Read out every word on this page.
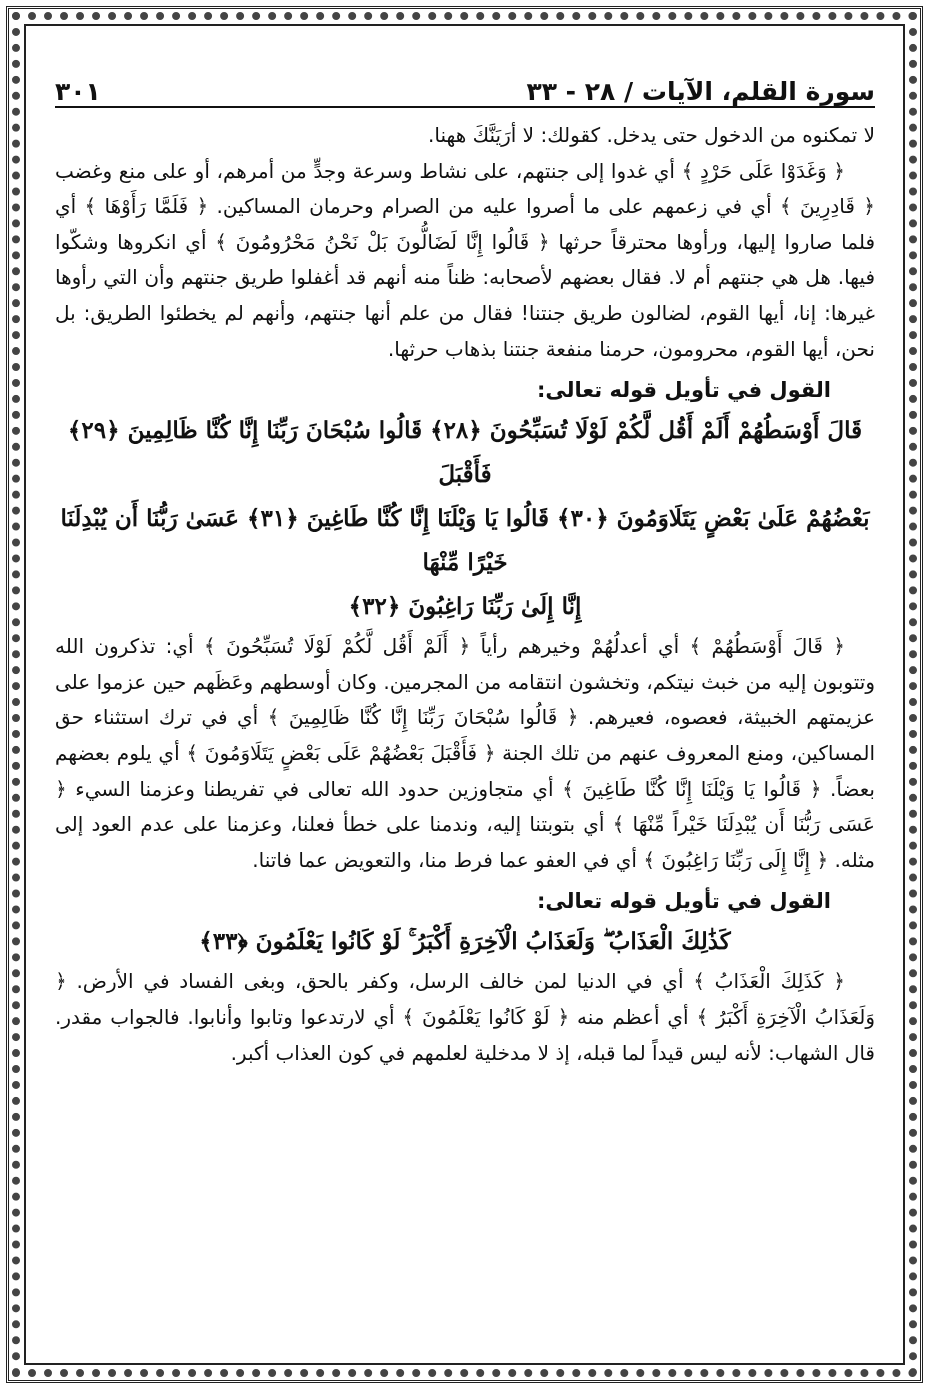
سورة القلم، الآيات / ٢٨ - ٣٣
٣٠١

لا تمكنوه من الدخول حتى يدخل. كقولك: لا أرَيَنَّكَ ههنا.

﴿ وَغَدَوْا عَلَى حَرْدٍ ﴾ أي غدوا إلى جنتهم، على نشاط وسرعة وجدٍّ من أمرهم، أو على منع وغضب ﴿ قَادِرِينَ ﴾ أي في زعمهم على ما أصروا عليه من الصرام وحرمان المساكين. ﴿ فَلَمَّا رَأَوْهَا ﴾ أي فلما صاروا إليها، ورأوها محترقاً حرثها ﴿ قَالُوا إِنَّا لَضَالُّونَ بَلْ نَحْنُ مَحْرُومُونَ ﴾ أي انكروها وشكّوا فيها. هل هي جنتهم أم لا. فقال بعضهم لأصحابه: ظناً منه أنهم قد أغفلوا طريق جنتهم وأن التي رأوها غيرها: إنا، أيها القوم، لضالون طريق جنتنا! فقال من علم أنها جنتهم، وأنهم لم يخطئوا الطريق: بل نحن، أيها القوم، محرومون، حرمنا منفعة جنتنا بذهاب حرثها.

القول في تأويل قوله تعالى:

قَالَ أَوْسَطُهُمْ أَلَمْ أَقُل لَّكُمْ لَوْلَا تُسَبِّحُونَ ﴿٢٨﴾ قَالُوا سُبْحَانَ رَبِّنَا إِنَّا كُنَّا ظَالِمِينَ ﴿٢٩﴾ فَأَقْبَلَ

بَعْضُهُمْ عَلَىٰ بَعْضٍ يَتَلَاوَمُونَ ﴿٣٠﴾ قَالُوا يَا وَيْلَنَا إِنَّا كُنَّا طَاغِينَ ﴿٣١﴾ عَسَىٰ رَبُّنَا أَن يُبْدِلَنَا خَيْرًا مِّنْهَا

إِنَّا إِلَىٰ رَبِّنَا رَاغِبُونَ ﴿٣٢﴾

﴿ قَالَ أَوْسَطُهُمْ ﴾ أي أعدلُهُمْ وخيرهم رأياً ﴿ أَلَمْ أَقُل لَّكُمْ لَوْلَا تُسَبِّحُونَ ﴾ أي: تذكرون الله وتتوبون إليه من خبث نيتكم، وتخشون انتقامه من المجرمين. وكان أوسطهم وعَظَهم حين عزموا على عزيمتهم الخبيثة، فعصوه، فعيرهم. ﴿ قَالُوا سُبْحَانَ رَبِّنَا إِنَّا كُنَّا ظَالِمِينَ ﴾ أي في ترك استثناء حق المساكين، ومنع المعروف عنهم من تلك الجنة ﴿ فَأَقْبَلَ بَعْضُهُمْ عَلَى بَعْضٍ يَتَلَاوَمُونَ ﴾ أي يلوم بعضهم بعضاً. ﴿ قَالُوا يَا وَيْلَنَا إِنَّا كُنَّا طَاغِينَ ﴾ أي متجاوزين حدود الله تعالى في تفريطنا وعزمنا السيء ﴿ عَسَى رَبُّنَا أَن يُبْدِلَنَا خَيْراً مِّنْهَا ﴾ أي بتوبتنا إليه، وندمنا على خطأ فعلنا، وعزمنا على عدم العود إلى مثله. ﴿ إِنَّا إِلَى رَبِّنَا رَاغِبُونَ ﴾ أي في العفو عما فرط منا، والتعويض عما فاتنا.

القول في تأويل قوله تعالى:

كَذَٰلِكَ الْعَذَابُ ۖ وَلَعَذَابُ الْآخِرَةِ أَكْبَرُ ۚ لَوْ كَانُوا يَعْلَمُونَ ﴿٣٣﴾

﴿ كَذَلِكَ الْعَذَابُ ﴾ أي في الدنيا لمن خالف الرسل، وكفر بالحق، وبغى الفساد في الأرض. ﴿ وَلَعَذَابُ الْآخِرَةِ أَكْبَرُ ﴾ أي أعظم منه ﴿ لَوْ كَانُوا يَعْلَمُونَ ﴾ أي لارتدعوا وتابوا وأنابوا. فالجواب مقدر. قال الشهاب: لأنه ليس قيداً لما قبله، إذ لا مدخلية لعلمهم في كون العذاب أكبر.
